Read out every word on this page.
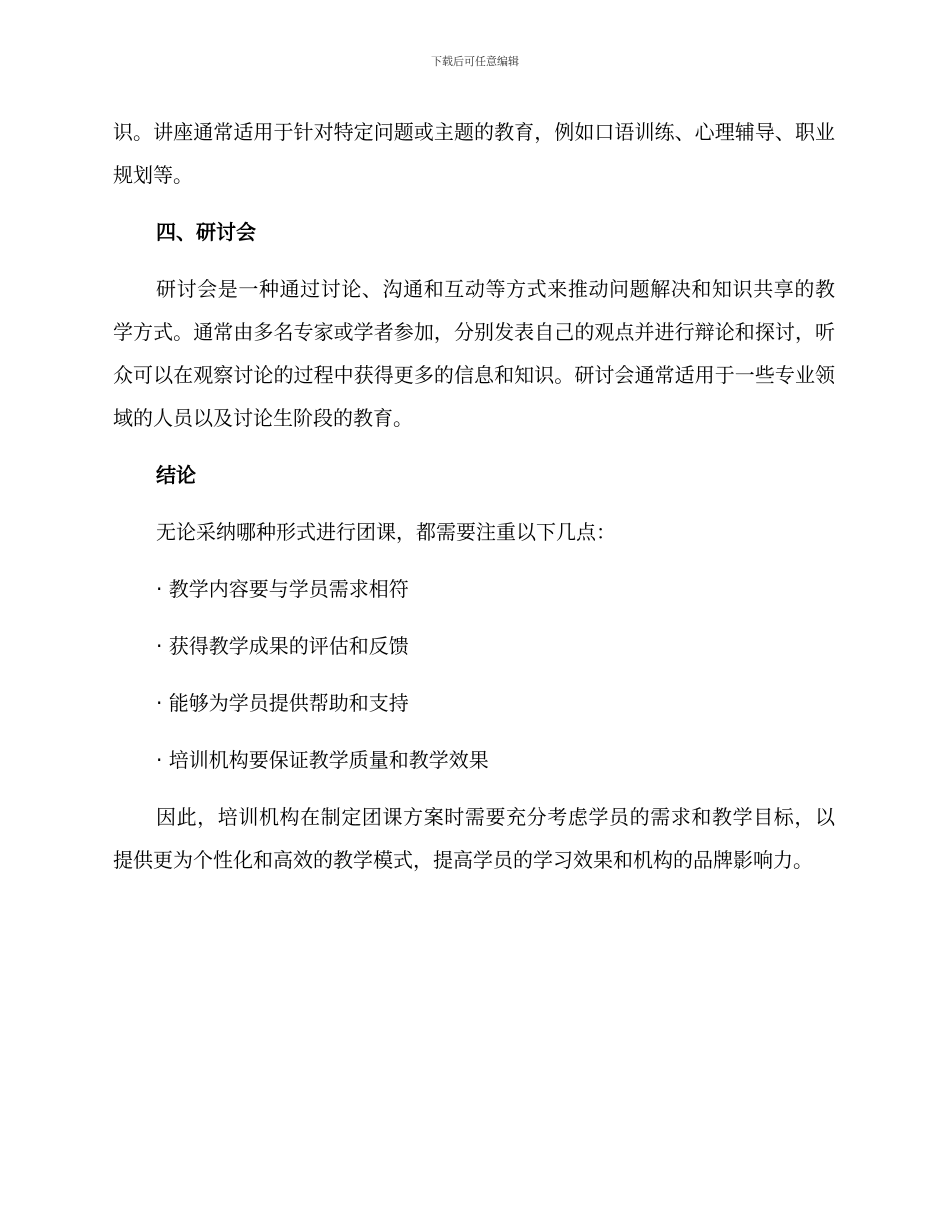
下载后可任意编辑

识。讲座通常适用于针对特定问题或主题的教育，例如口语训练、心理辅导、职业规划等。

四、研讨会

研讨会是一种通过讨论、沟通和互动等方式来推动问题解决和知识共享的教学方式。通常由多名专家或学者参加，分别发表自己的观点并进行辩论和探讨，听众可以在观察讨论的过程中获得更多的信息和知识。研讨会通常适用于一些专业领域的人员以及讨论生阶段的教育。

结论

无论采纳哪种形式进行团课，都需要注重以下几点：

· 教学内容要与学员需求相符
· 获得教学成果的评估和反馈
· 能够为学员提供帮助和支持
· 培训机构要保证教学质量和教学效果

因此，培训机构在制定团课方案时需要充分考虑学员的需求和教学目标，以提供更为个性化和高效的教学模式，提高学员的学习效果和机构的品牌影响力。
